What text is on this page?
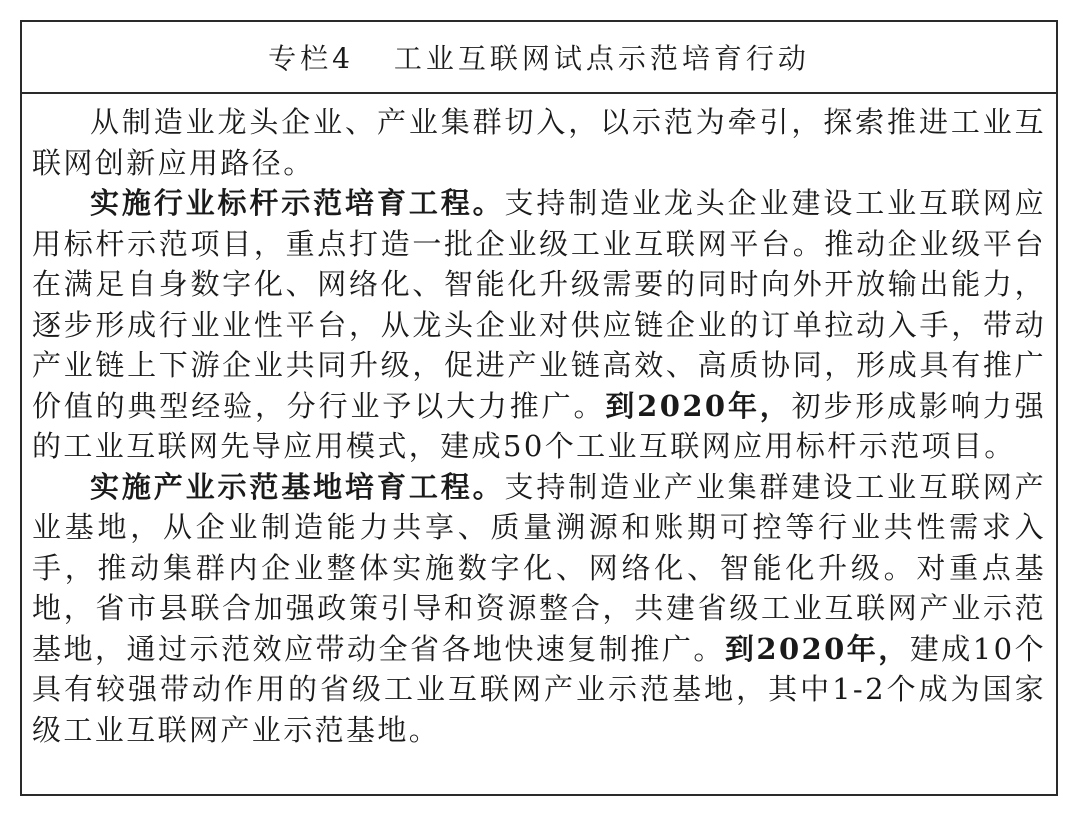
专栏4 工业互联网试点示范培育行动

从制造业龙头企业、产业集群切入，以示范为牵引，探索推进工业互联网创新应用路径。

实施行业标杆示范培育工程。支持制造业龙头企业建设工业互联网应用标杆示范项目，重点打造一批企业级工业互联网平台。推动企业级平台在满足自身数字化、网络化、智能化升级需要的同时向外开放输出能力，逐步形成行业业性平台，从龙头企业对供应链企业的订单拉动入手，带动产业链上下游企业共同升级，促进产业链高效、高质协同，形成具有推广价值的典型经验，分行业予以大力推广。到2020年，初步形成影响力强的工业互联网先导应用模式，建成50个工业互联网应用标杆示范项目。

实施产业示范基地培育工程。支持制造业产业集群建设工业互联网产业基地，从企业制造能力共享、质量溯源和账期可控等行业共性需求入手，推动集群内企业整体实施数字化、网络化、智能化升级。对重点基地，省市县联合加强政策引导和资源整合，共建省级工业互联网产业示范基地，通过示范效应带动全省各地快速复制推广。到2020年，建成10个具有较强带动作用的省级工业互联网产业示范基地，其中1-2个成为国家级工业互联网产业示范基地。
